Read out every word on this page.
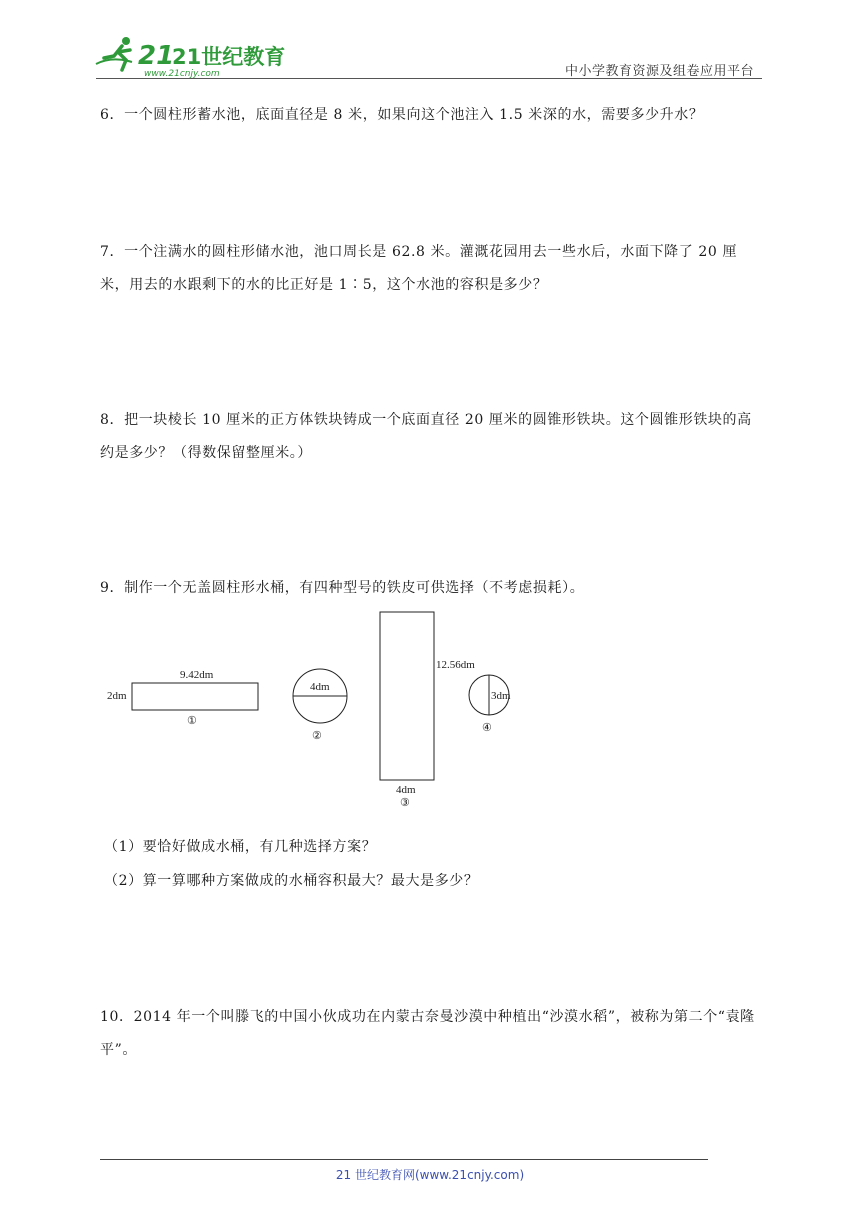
21
21世纪教育
www.21cnjy.com	中小学教育资源及组卷应用平台
6．一个圆柱形蓄水池，底面直径是 8 米，如果向这个池注入 1.5 米深的水，需要多少升水？
7．一个注满水的圆柱形储水池，池口周长是 62.8 米。灌溉花园用去一些水后，水面下降了 20 厘米，用去的水跟剩下的水的比正好是 1∶5，这个水池的容积是多少？
8．把一块棱长 10 厘米的正方体铁块铸成一个底面直径 20 厘米的圆锥形铁块。这个圆锥形铁块的高约是多少？（得数保留整厘米。）
9．制作一个无盖圆柱形水桶，有四种型号的铁皮可供选择（不考虑损耗）。
9.42dm
2dm
①
4dm
②
12.56dm
4dm
③
3dm
④
（1）要恰好做成水桶，有几种选择方案？
（2）算一算哪种方案做成的水桶容积最大？最大是多少？
10．2014 年一个叫滕飞的中国小伙成功在内蒙古奈曼沙漠中种植出“沙漠水稻”，被称为第二个“袁隆平”。
21 世纪教育网(www.21cnjy.com)
